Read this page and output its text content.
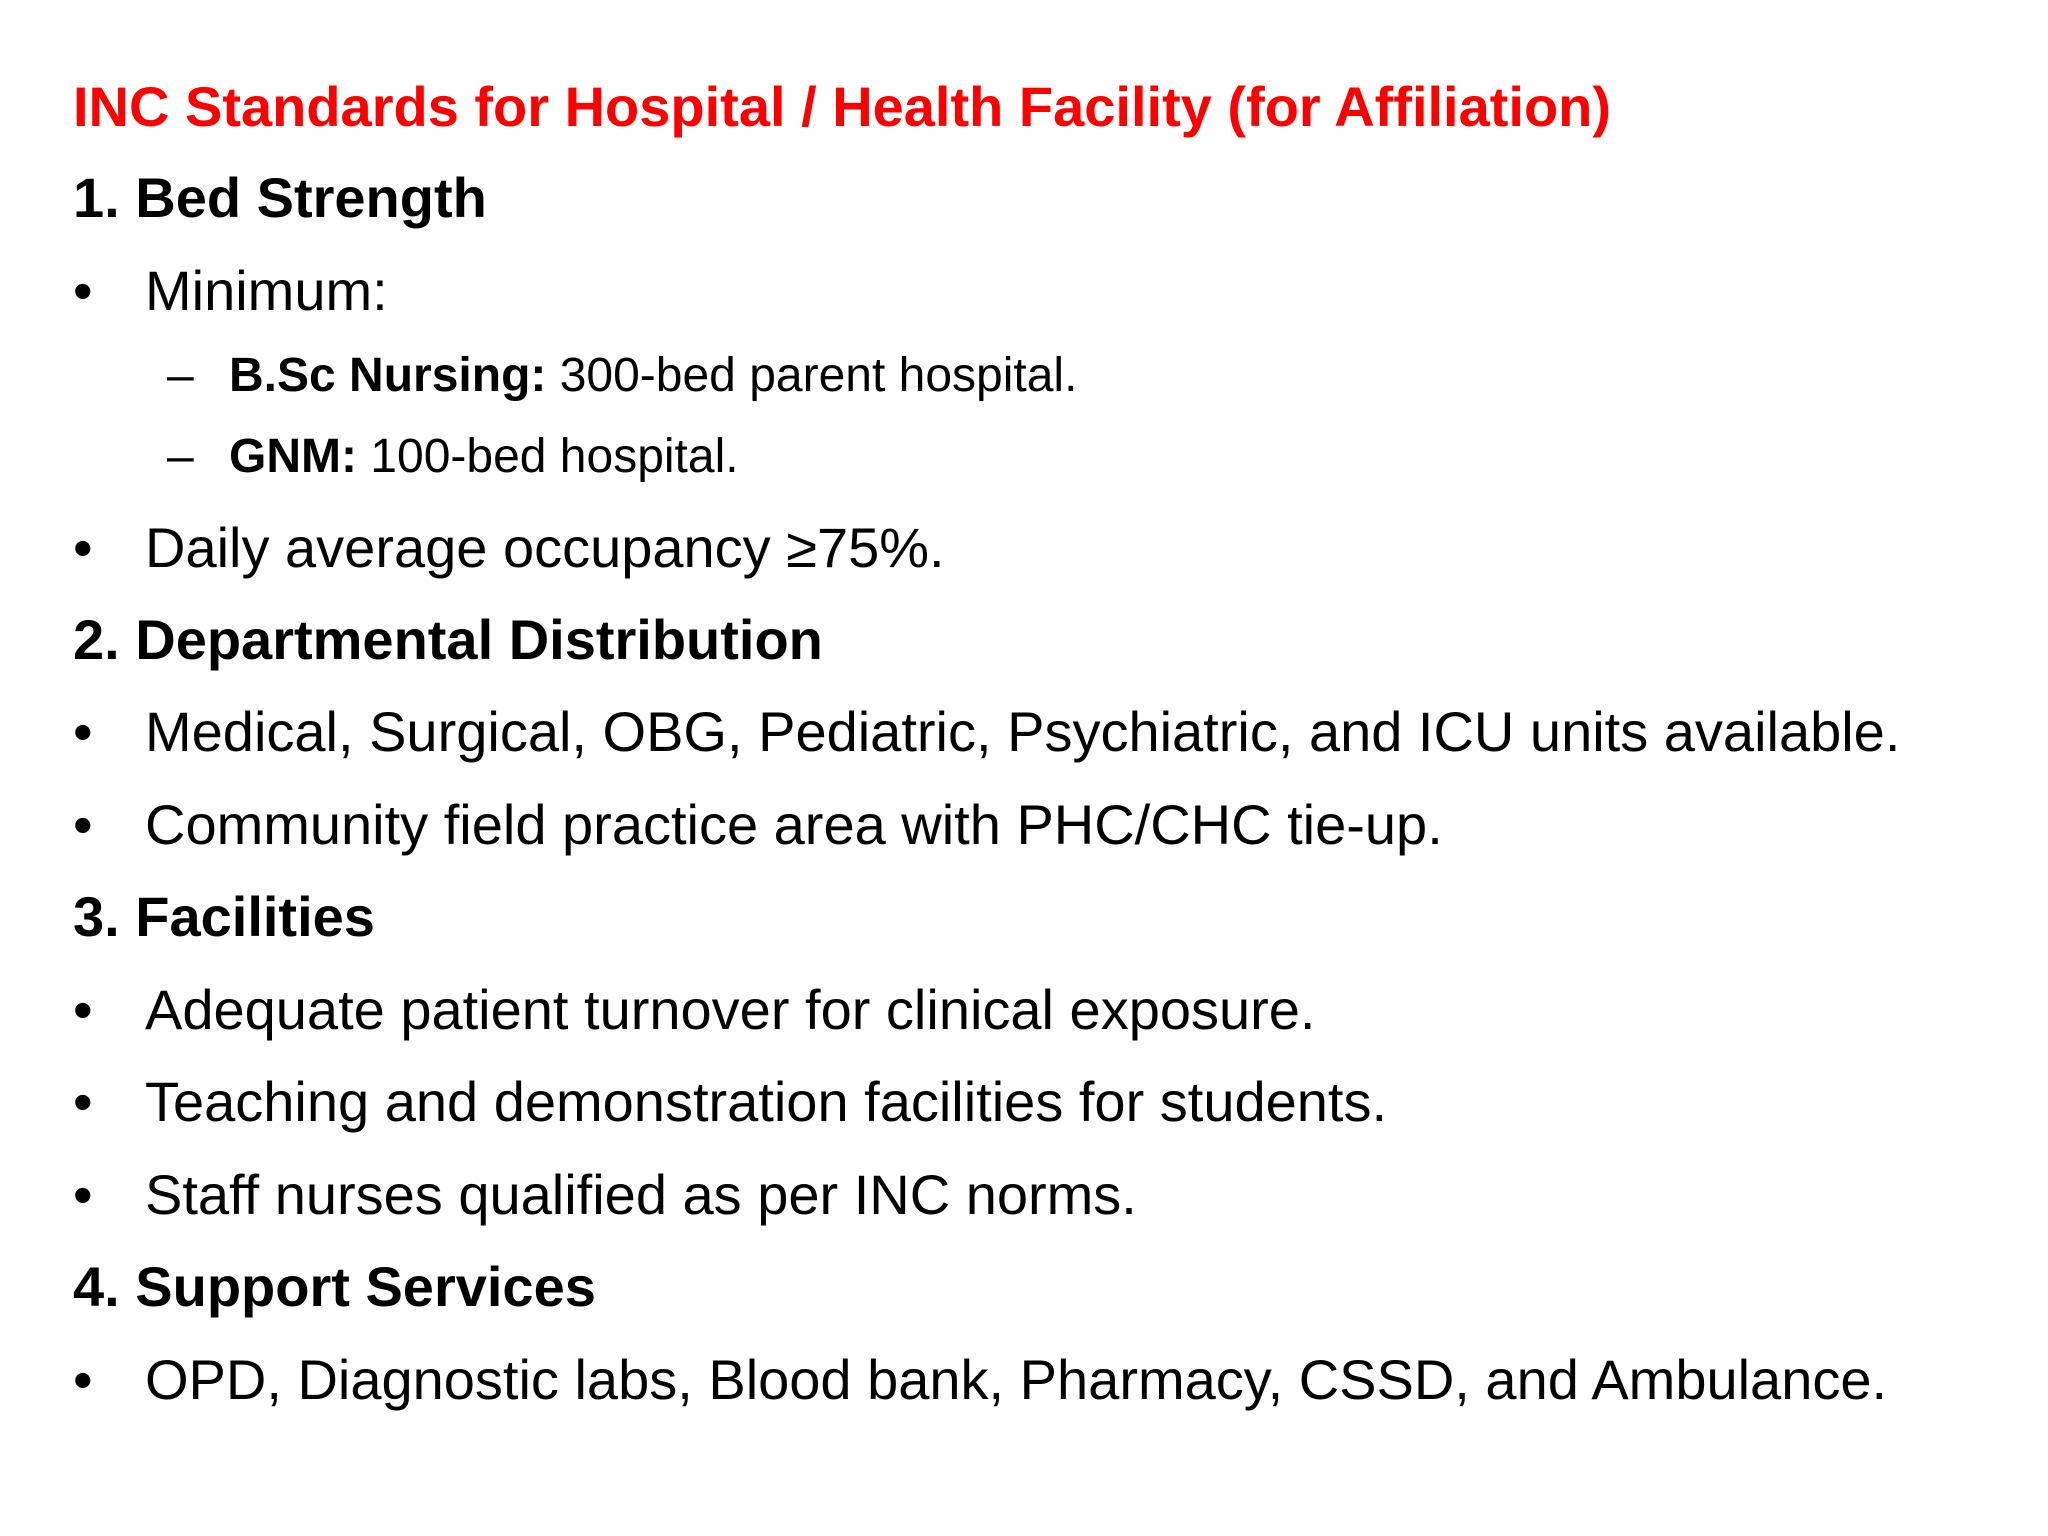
INC Standards for Hospital / Health Facility (for Affiliation)
1. Bed Strength
• Minimum:
– B.Sc Nursing: 300-bed parent hospital.
– GNM: 100-bed hospital.
• Daily average occupancy ≥75%.
2. Departmental Distribution
• Medical, Surgical, OBG, Pediatric, Psychiatric, and ICU units available.
• Community field practice area with PHC/CHC tie-up.
3. Facilities
• Adequate patient turnover for clinical exposure.
• Teaching and demonstration facilities for students.
• Staff nurses qualified as per INC norms.
4. Support Services
• OPD, Diagnostic labs, Blood bank, Pharmacy, CSSD, and Ambulance.
